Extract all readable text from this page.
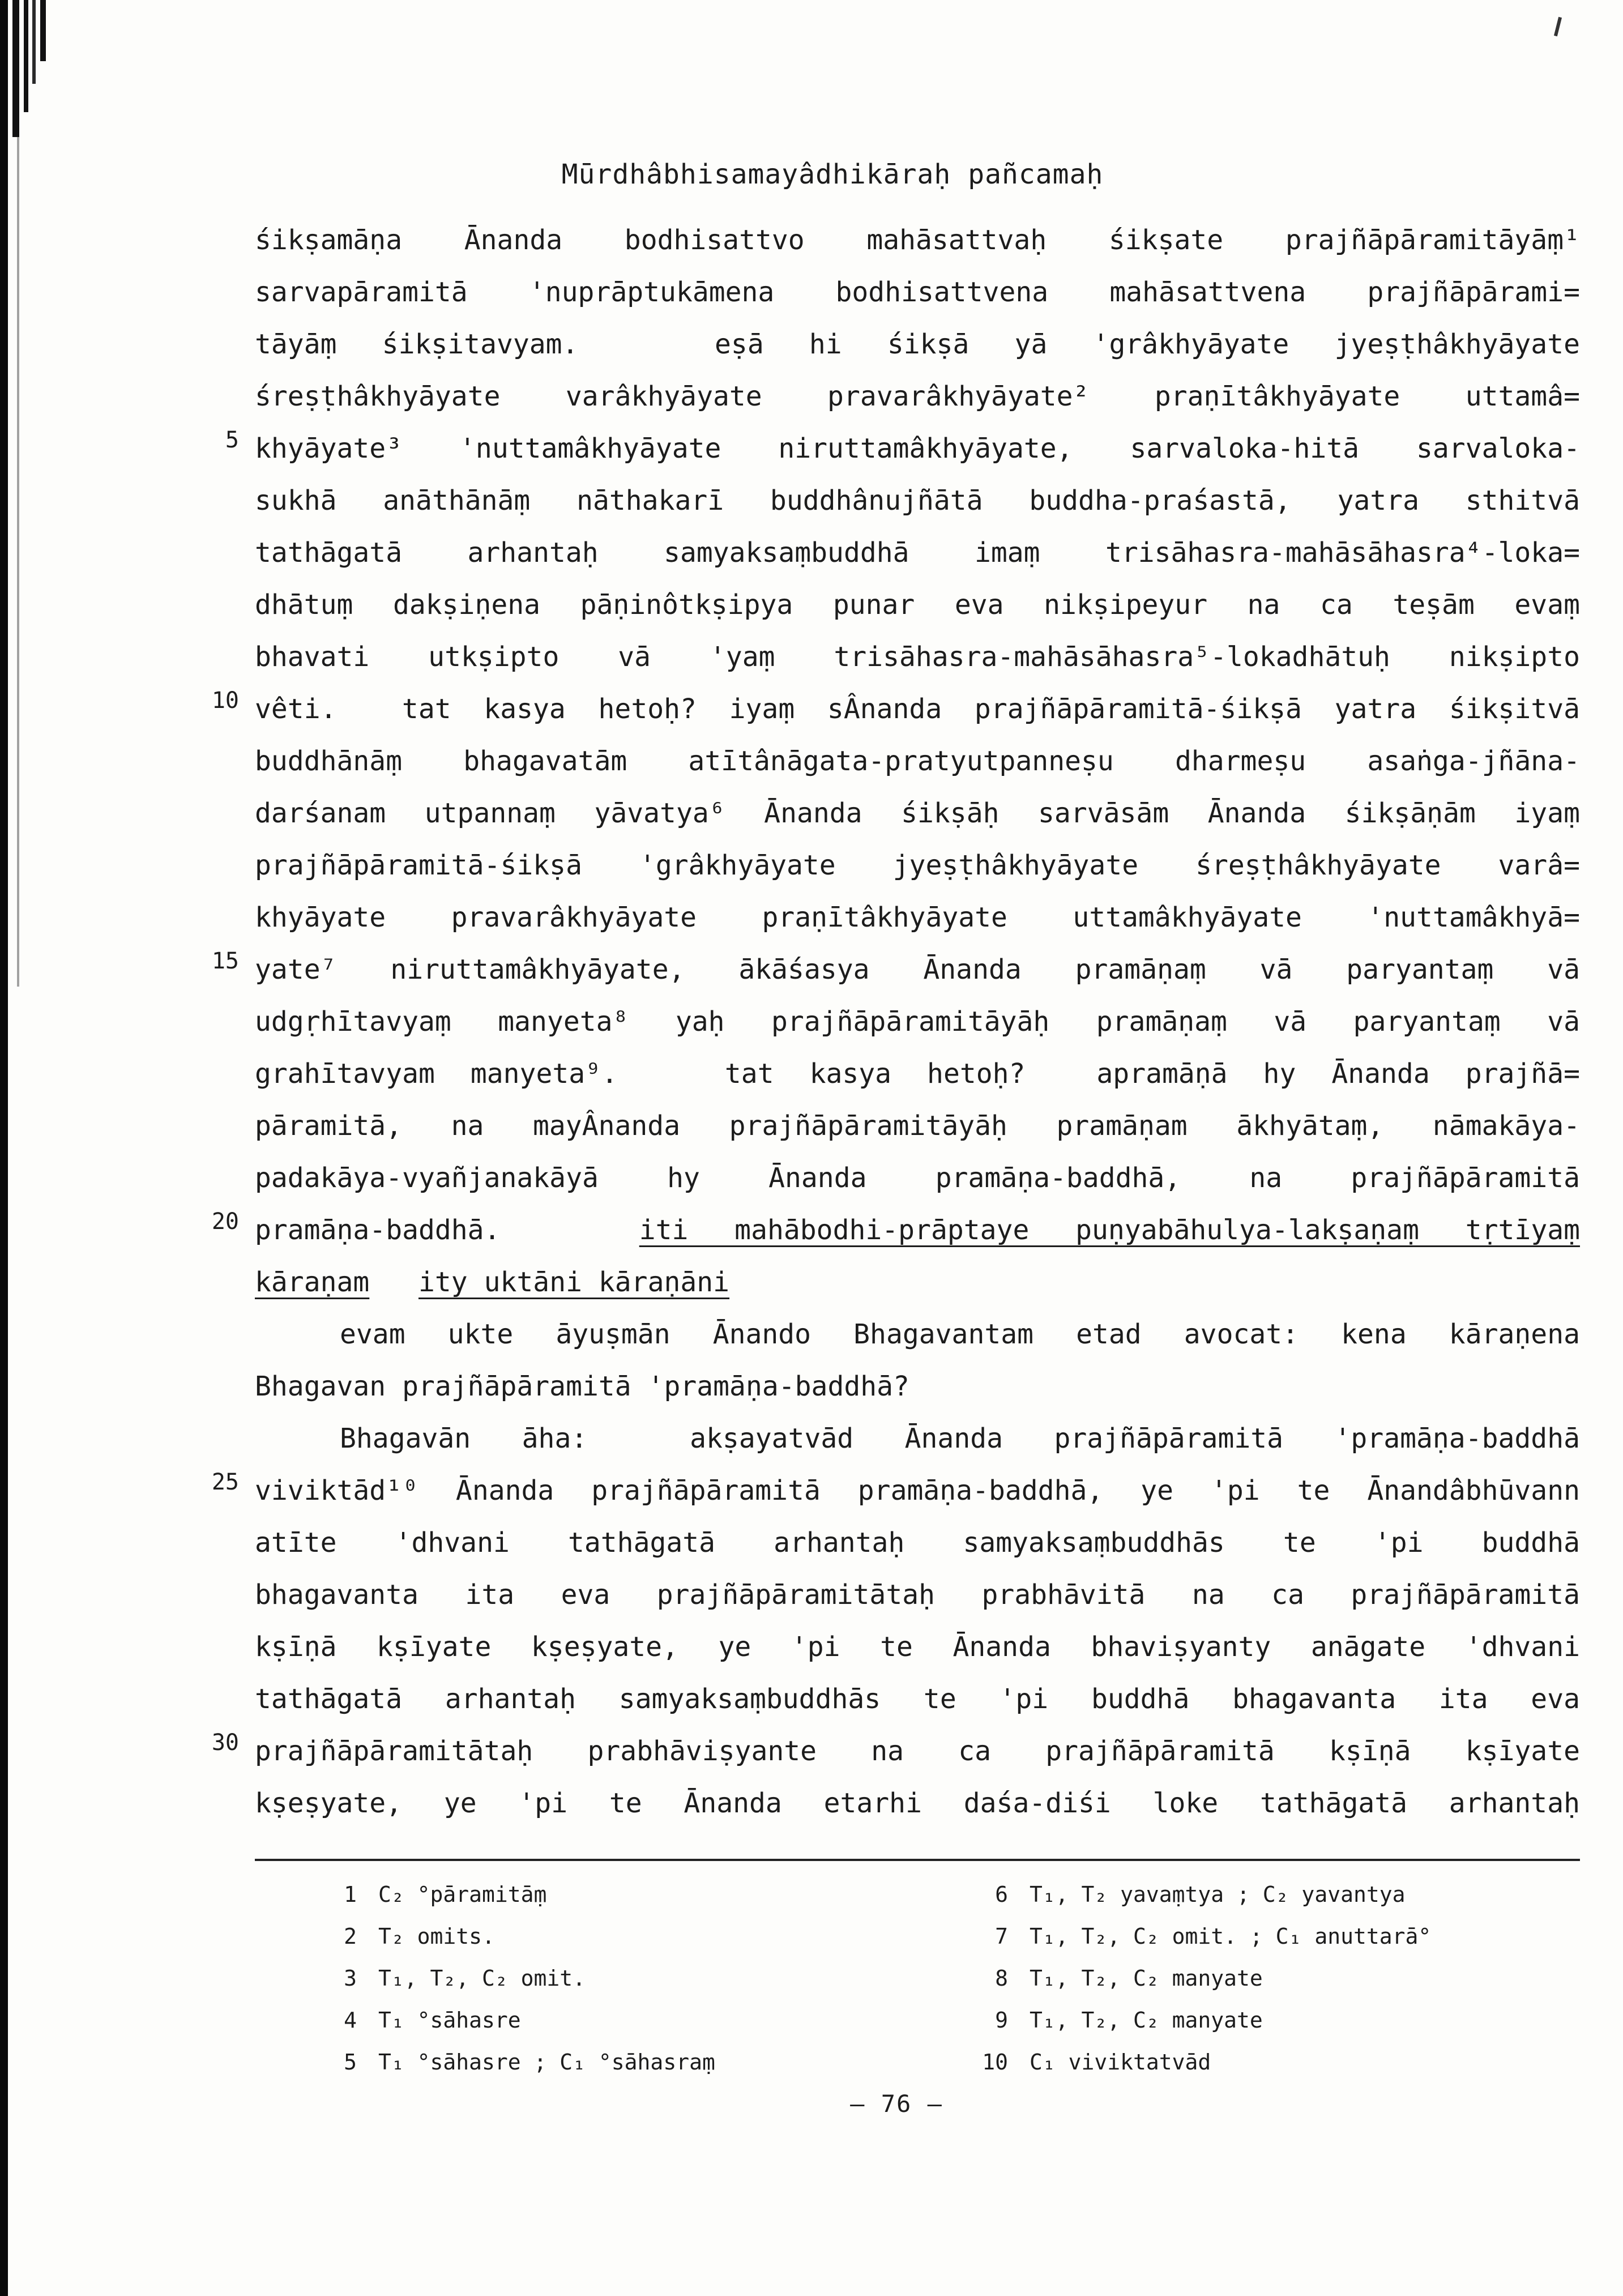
Mūrdhâbhisamayâdhikāraḥ pañcamaḥ
śikṣamāṇa Ānanda bodhisattvo mahāsattvaḥ śikṣate prajñāpāramitāyāṃ¹
sarvapāramitā 'nuprāptukāmena bodhisattvena mahāsattvena prajñāpārami=
tāyāṃ śikṣitavyam.   eṣā hi śikṣā yā 'grâkhyāyate jyeṣṭhâkhyāyate
śreṣṭhâkhyāyate varâkhyāyate pravarâkhyāyate² praṇītâkhyāyate uttamâ=
5 khyāyate³ 'nuttamâkhyāyate niruttamâkhyāyate, sarvaloka-hitā sarvaloka-
sukhā anāthānāṃ nāthakarī buddhânujñātā buddha-praśastā, yatra sthitvā
tathāgatā arhantaḥ samyaksaṃbuddhā imaṃ trisāhasra-mahāsāhasra⁴-loka=
dhātuṃ dakṣiṇena pāṇinôtkṣipya punar eva nikṣipeyur na ca teṣām evaṃ
bhavati utkṣipto vā 'yaṃ trisāhasra-mahāsāhasra⁵-lokadhātuḥ nikṣipto
10 vêti.  tat kasya hetoḥ? iyaṃ sÂnanda prajñāpāramitā-śikṣā yatra śikṣitvā
buddhānāṃ bhagavatām atītânāgata-pratyutpanneṣu dharmeṣu asaṅga-jñāna-
darśanam utpannaṃ yāvatya⁶ Ānanda śikṣāḥ sarvāsām Ānanda śikṣāṇām iyaṃ
prajñāpāramitā-śikṣā 'grâkhyāyate jyeṣṭhâkhyāyate śreṣṭhâkhyāyate varâ=
khyāyate pravarâkhyāyate praṇītâkhyāyate uttamâkhyāyate 'nuttamâkhyā=
15 yate⁷ niruttamâkhyāyate, ākāśasya Ānanda pramāṇaṃ vā paryantaṃ vā
udgṛhītavyaṃ manyeta⁸ yaḥ prajñāpāramitāyāḥ pramāṇaṃ vā paryantaṃ vā
grahītavyam manyeta⁹.   tat kasya hetoḥ?  apramāṇā hy Ānanda prajñā=
pāramitā, na mayÂnanda prajñāpāramitāyāḥ pramāṇam ākhyātaṃ, nāmakāya-
padakāya-vyañjanakāyā hy Ānanda pramāṇa-baddhā, na prajñāpāramitā
20 pramāṇa-baddhā.   iti mahābodhi-prāptaye puṇyabāhulya-lakṣaṇaṃ tṛtīyaṃ
kāraṇam ity uktāni kāraṇāni
evam ukte āyuṣmān Ānando Bhagavantam etad avocat: kena kāraṇena
Bhagavan prajñāpāramitā 'pramāṇa-baddhā?
Bhagavān āha:  akṣayatvād Ānanda prajñāpāramitā 'pramāṇa-baddhā
25 viviktād¹⁰ Ānanda prajñāpāramitā pramāṇa-baddhā, ye 'pi te Ānandâbhūvann
atīte 'dhvani tathāgatā arhantaḥ samyaksaṃbuddhās te 'pi buddhā
bhagavanta ita eva prajñāpāramitātaḥ prabhāvitā na ca prajñāpāramitā
kṣīṇā kṣīyate kṣeṣyate, ye 'pi te Ānanda bhaviṣyanty anāgate 'dhvani
tathāgatā arhantaḥ samyaksaṃbuddhās te 'pi buddhā bhagavanta ita eva
30 prajñāpāramitātaḥ prabhāviṣyante na ca prajñāpāramitā kṣīṇā kṣīyate
kṣeṣyate, ye 'pi te Ānanda etarhi daśa-diśi loke tathāgatā arhantaḥ
1 C₂ °pāramitāṃ
2 T₂ omits.
3 T₁, T₂, C₂ omit.
4 T₁ °sāhasre
5 T₁ °sāhasre ; C₁ °sāhasraṃ
6 T₁, T₂ yavaṃtya ; C₂ yavantya
7 T₁, T₂, C₂ omit. ; C₁ anuttarā°
8 T₁, T₂, C₂ manyate
9 T₁, T₂, C₂ manyate
10 C₁ viviktatvād
— 76 —
